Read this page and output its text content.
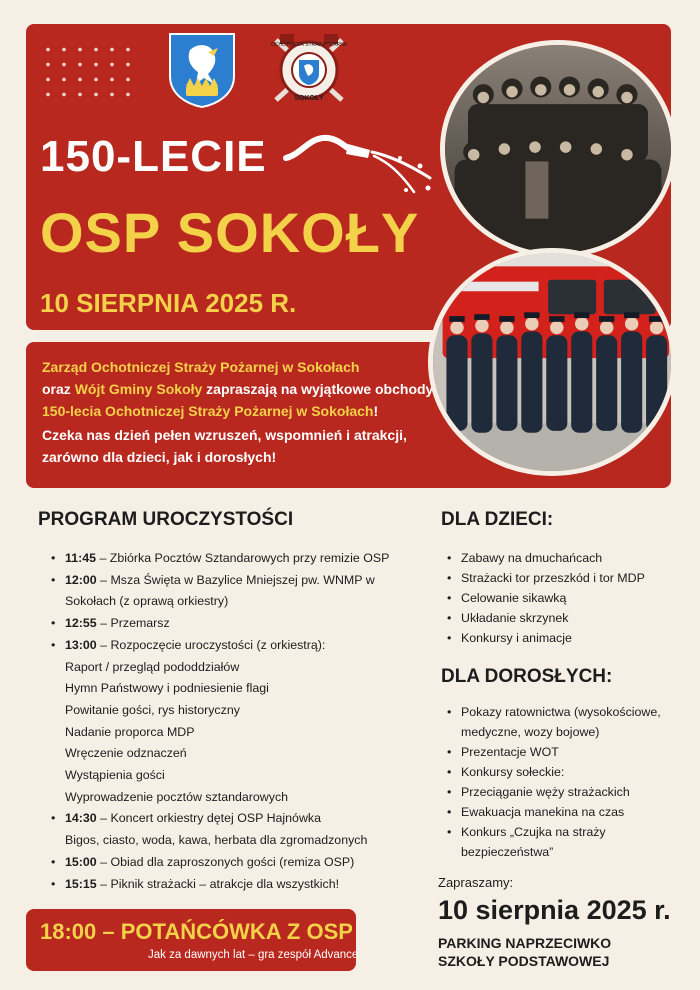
SOKOŁY
OCHOTNICZA STRAŻ POŻARNA
150-LECIE
OSP SOKOŁY
10 SIERPNIA 2025 R.

Zarząd Ochotniczej Straży Pożarnej w Sokołach
oraz Wójt Gminy Sokoły zapraszają na wyjątkowe obchody
150-lecia Ochotniczej Straży Pożarnej w Sokołach!

Czeka nas dzień pełen wzruszeń, wspomnień i atrakcji, zarówno dla dzieci, jak i dorosłych!

PROGRAM UROCZYSTOŚCI
• 11:45 – Zbiórka Pocztów Sztandarowych przy remizie OSP
• 12:00 – Msza Święta w Bazylice Mniejszej pw. WNMP w
Sokołach (z oprawą orkiestry)
• 12:55 – Przemarsz
• 13:00 – Rozpoczęcie uroczystości (z orkiestrą):
Raport / przegląd pododdziałów
Hymn Państwowy i podniesienie flagi
Powitanie gości, rys historyczny
Nadanie proporca MDP
Wręczenie odznaczeń
Wystąpienia gości
Wyprowadzenie pocztów sztandarowych
• 14:30 – Koncert orkiestry dętej OSP Hajnówka
Bigos, ciasto, woda, kawa, herbata dla zgromadzonych
• 15:00 – Obiad dla zaproszonych gości (remiza OSP)
• 15:15 – Piknik strażacki – atrakcje dla wszystkich!
DLA DZIECI:
• Zabawy na dmuchańcach
• Strażacki tor przeszkód i tor MDP
• Celowanie sikawką
• Układanie skrzynek
• Konkursy i animacje
DLA DOROSŁYCH:
• Pokazy ratownictwa (wysokościowe,
medyczne, wozy bojowe)
• Prezentacje WOT
• Konkursy sołeckie:
• Przeciąganie węży strażackich
• Ewakuacja manekina na czas
• Konkurs „Czujka na straży
bezpieczeństwa”
18:00 – POTAŃCÓWKA Z OSP
Jak za dawnych lat – gra zespół Advance
Zapraszamy:
10 sierpnia 2025 r.
PARKING NAPRZECIWKO
SZKOŁY PODSTAWOWEJ
